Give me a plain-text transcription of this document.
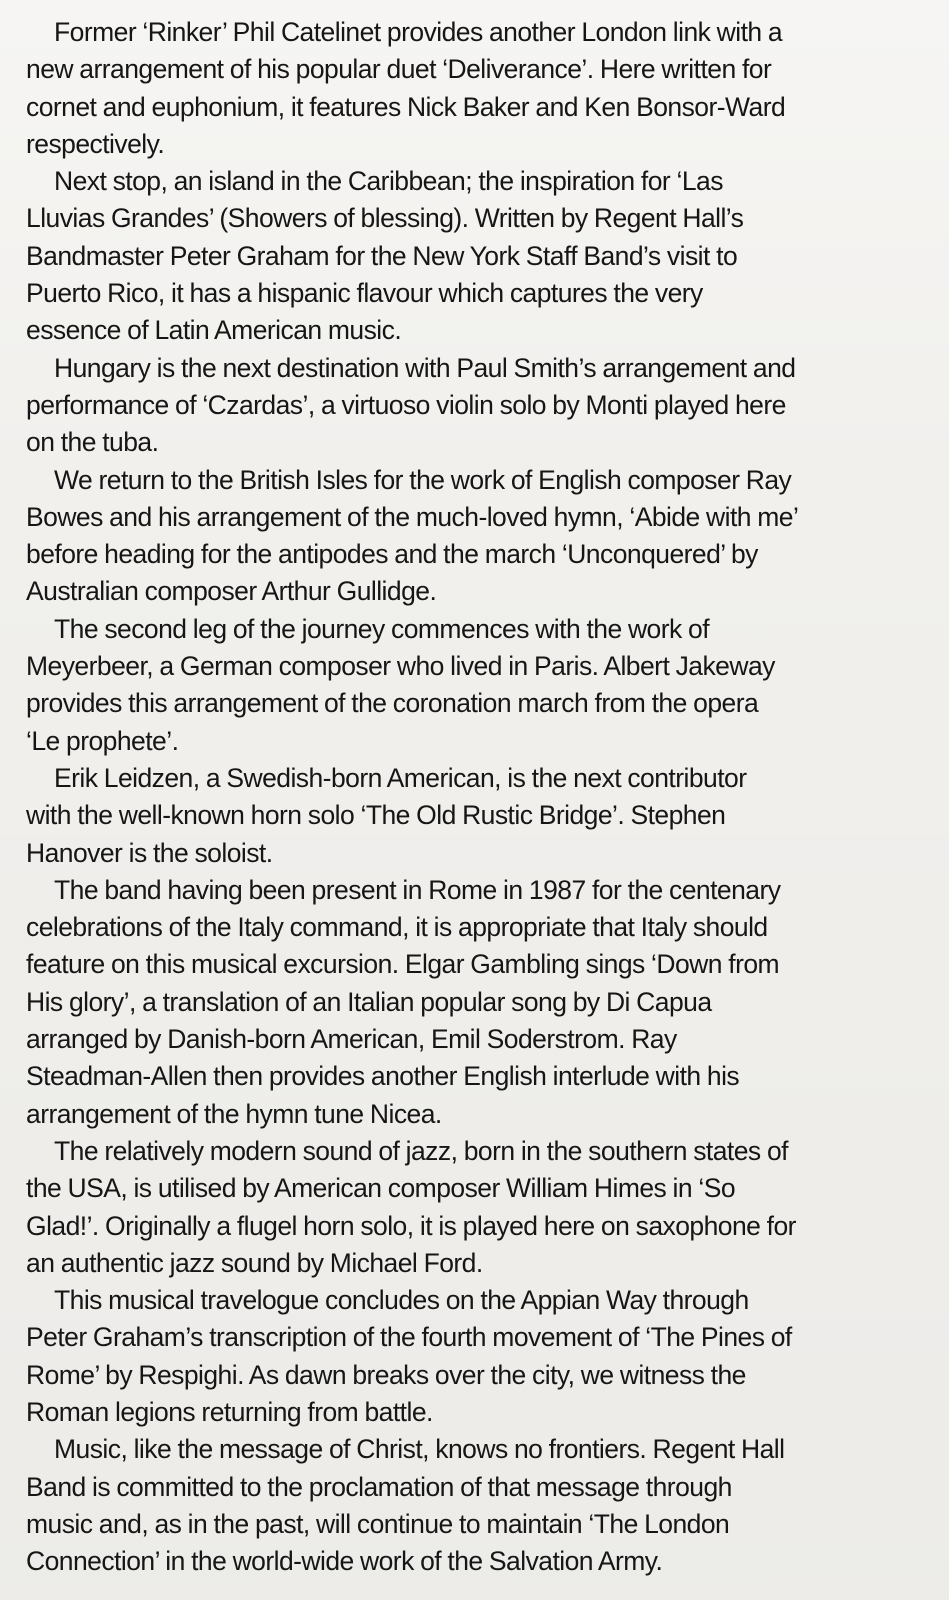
Former ‘Rinker’ Phil Catelinet provides another London link with a
new arrangement of his popular duet ‘Deliverance’. Here written for
cornet and euphonium, it features Nick Baker and Ken Bonsor-Ward
respectively.

Next stop, an island in the Caribbean; the inspiration for ‘Las
Lluvias Grandes’ (Showers of blessing). Written by Regent Hall’s
Bandmaster Peter Graham for the New York Staff Band’s visit to
Puerto Rico, it has a hispanic flavour which captures the very
essence of Latin American music.

Hungary is the next destination with Paul Smith’s arrangement and
performance of ‘Czardas’, a virtuoso violin solo by Monti played here
on the tuba.

We return to the British Isles for the work of English composer Ray
Bowes and his arrangement of the much-loved hymn, ‘Abide with me’
before heading for the antipodes and the march ‘Unconquered’ by
Australian composer Arthur Gullidge.

The second leg of the journey commences with the work of
Meyerbeer, a German composer who lived in Paris. Albert Jakeway
provides this arrangement of the coronation march from the opera
‘Le prophete’.

Erik Leidzen, a Swedish-born American, is the next contributor
with the well-known horn solo ‘The Old Rustic Bridge’. Stephen
Hanover is the soloist.

The band having been present in Rome in 1987 for the centenary
celebrations of the Italy command, it is appropriate that Italy should
feature on this musical excursion. Elgar Gambling sings ‘Down from
His glory’, a translation of an Italian popular song by Di Capua
arranged by Danish-born American, Emil Soderstrom. Ray
Steadman-Allen then provides another English interlude with his
arrangement of the hymn tune Nicea.

The relatively modern sound of jazz, born in the southern states of
the USA, is utilised by American composer William Himes in ‘So
Glad!’. Originally a flugel horn solo, it is played here on saxophone for
an authentic jazz sound by Michael Ford.

This musical travelogue concludes on the Appian Way through
Peter Graham’s transcription of the fourth movement of ‘The Pines of
Rome’ by Respighi. As dawn breaks over the city, we witness the
Roman legions returning from battle.

Music, like the message of Christ, knows no frontiers. Regent Hall
Band is committed to the proclamation of that message through
music and, as in the past, will continue to maintain ‘The London
Connection’ in the world-wide work of the Salvation Army.
